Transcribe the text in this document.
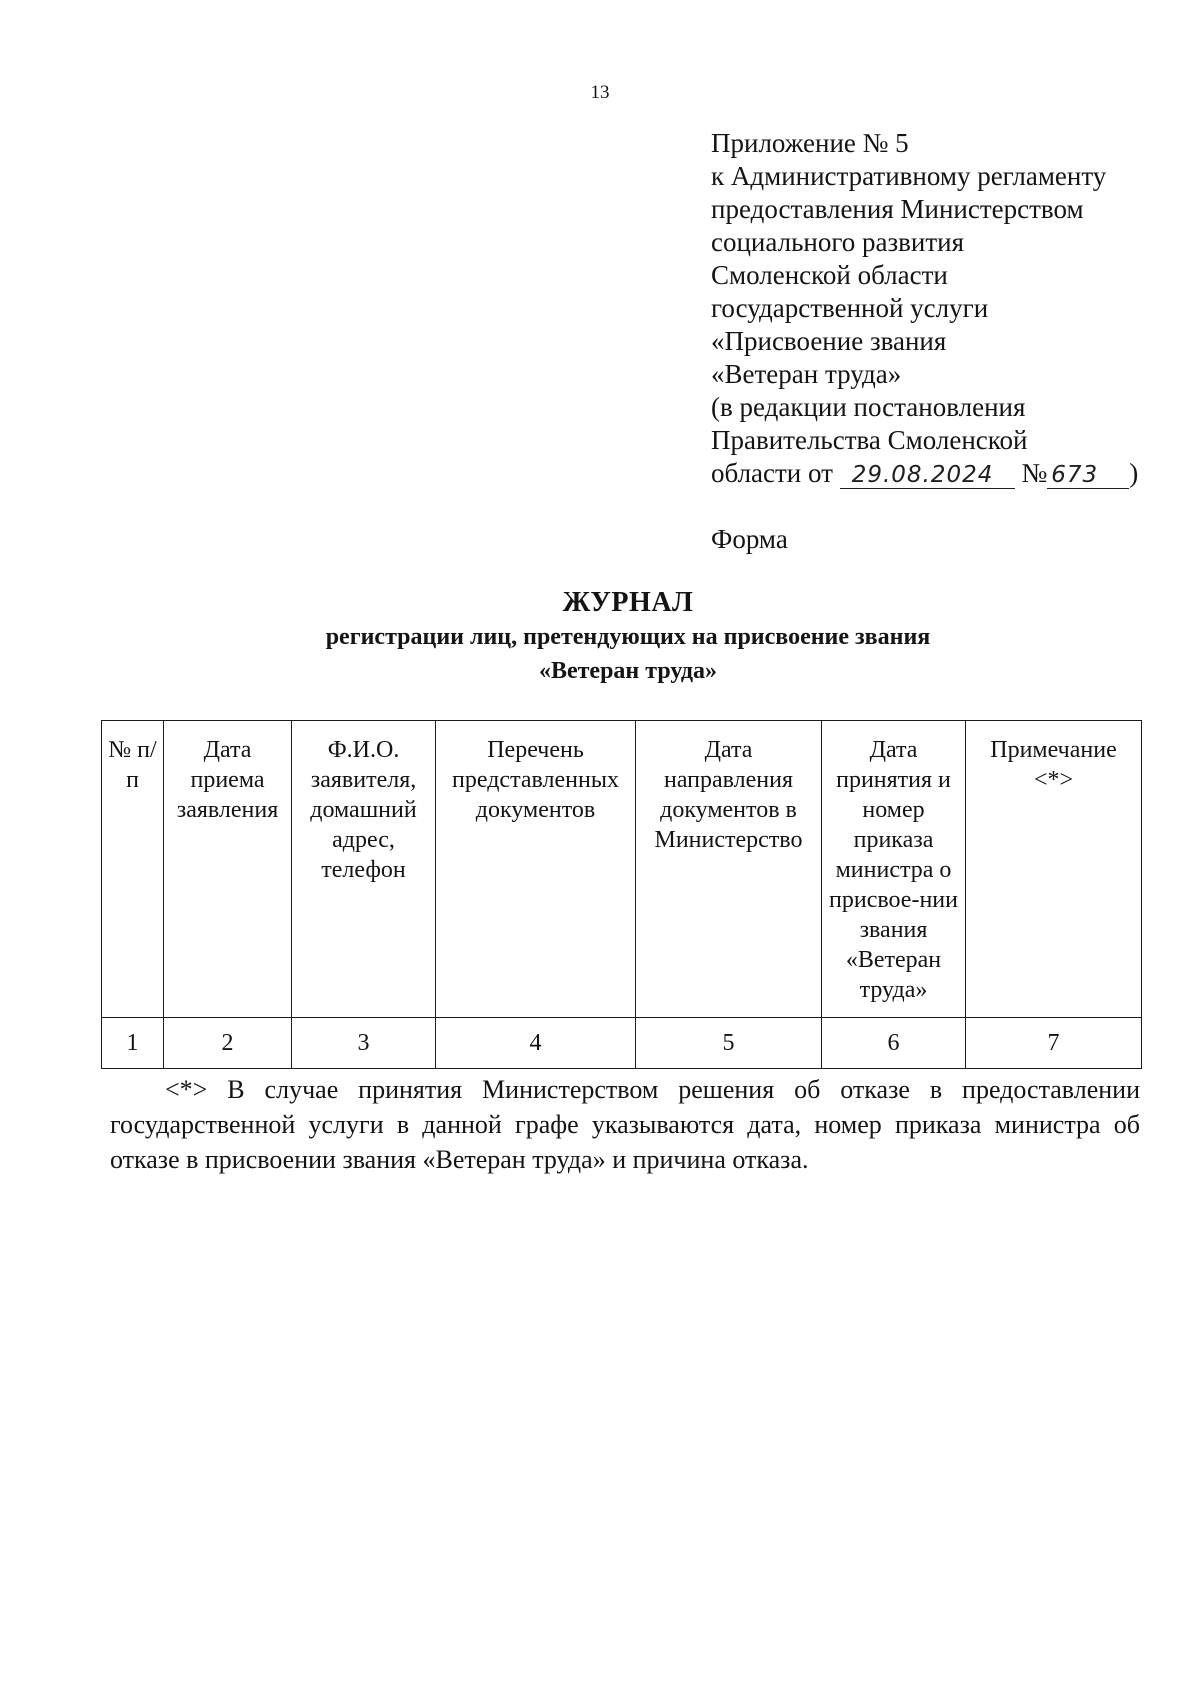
13
Приложение № 5
к Административному регламенту
предоставления Министерством
социального развития
Смоленской области
государственной услуги
«Присвоение звания
«Ветеран труда»
(в редакции постановления
Правительства Смоленской
области от 29.08.2024 № 673 )
Форма
ЖУРНАЛ
регистрации лиц, претендующих на присвоение звания
«Ветеран труда»
№ п/п	Дата приема заявления	Ф.И.О. заявителя, домашний адрес, телефон	Перечень представленных документов	Дата направления документов в Министерство	Дата принятия и номер приказа министра о присвое-нии звания «Ветеран труда»	Примечание <*>
1	2	3	4	5	6	7
<*> В случае принятия Министерством решения об отказе в предоставлении государственной услуги в данной графе указываются дата, номер приказа министра об отказе в присвоении звания «Ветеран труда» и причина отказа.
